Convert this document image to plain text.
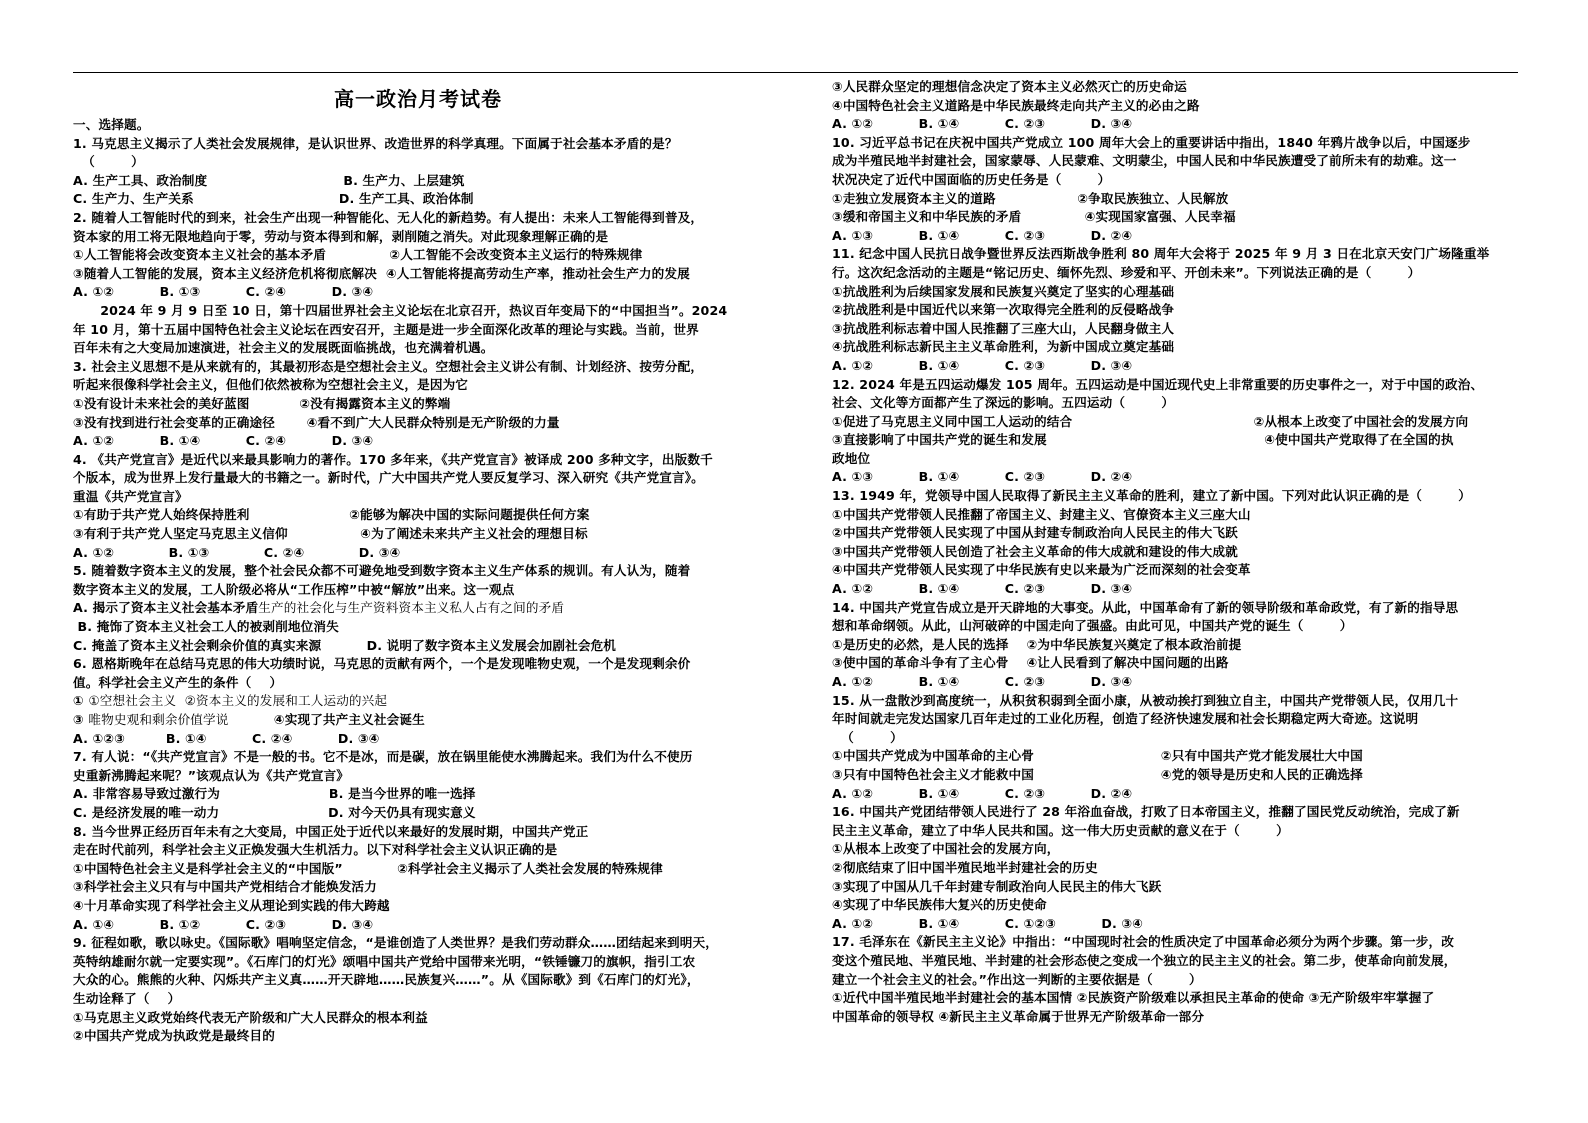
高一政治月考试卷
一、选择题。
1. 马克思主义揭示了人类社会发展规律，是认识世界、改造世界的科学真理。下面属于社会基本矛盾的是？
（        ）
A. 生产工具、政治制度                              B. 生产力、上层建筑
C. 生产力、生产关系                                D. 生产工具、政治体制
2. 随着人工智能时代的到来，社会生产出现一种智能化、无人化的新趋势。有人提出：未来人工智能得到普及，
资本家的用工将无限地趋向于零，劳动与资本得到和解，剥削随之消失。对此现象理解正确的是
①人工智能将会改变资本主义社会的基本矛盾              ②人工智能不会改变资本主义运行的特殊规律
③随着人工智能的发展，资本主义经济危机将彻底解决  ④人工智能将提高劳动生产率，推动社会生产力的发展
A. ①②          B. ①③          C. ②④          D. ③④
2024 年 9 月 9 日至 10 日，第十四届世界社会主义论坛在北京召开，热议百年变局下的“中国担当”。2024
年 10 月，第十五届中国特色社会主义论坛在西安召开，主题是进一步全面深化改革的理论与实践。当前，世界
百年未有之大变局加速演进，社会主义的发展既面临挑战，也充满着机遇。
3. 社会主义思想不是从来就有的，其最初形态是空想社会主义。空想社会主义讲公有制、计划经济、按劳分配，
听起来很像科学社会主义，但他们依然被称为空想社会主义，是因为它
①没有设计未来社会的美好蓝图           ②没有揭露资本主义的弊端
③没有找到进行社会变革的正确途径       ④看不到广大人民群众特别是无产阶级的力量
A. ①②          B. ①④          C. ②④          D. ③④
4. 《共产党宣言》是近代以来最具影响力的著作。170 多年来，《共产党宣言》被译成 200 多种文字，出版数千
个版本，成为世界上发行量最大的书籍之一。新时代，广大中国共产党人要反复学习、深入研究《共产党宣言》。
重温《共产党宣言》
①有助于共产党人始终保持胜利                      ②能够为解决中国的实际问题提供任何方案
③有利于共产党人坚定马克思主义信仰                ④为了阐述未来共产主义社会的理想目标
A. ①②            B. ①③            C. ②④            D. ③④
5. 随着数字资本主义的发展，整个社会民众都不可避免地受到数字资本主义生产体系的规训。有人认为，随着
数字资本主义的发展，工人阶级必将从“工作压榨”中被“解放”出来。这一观点
A. 揭示了资本主义社会基本矛盾生产的社会化与生产资料资本主义私人占有之间的矛盾
B. 掩饰了资本主义社会工人的被剥削地位消失
C. 掩盖了资本主义社会剩余价值的真实来源          D. 说明了数字资本主义发展会加剧社会危机
6. 恩格斯晚年在总结马克思的伟大功绩时说，马克思的贡献有两个，一个是发现唯物史观，一个是发现剩余价
值。科学社会主义产生的条件（    ）
① ①空想社会主义  ②资本主义的发展和工人运动的兴起
③ 唯物史观和剩余价值学说          ④实现了共产主义社会诞生
A. ①②③         B. ①④          C. ②④          D. ③④
7. 有人说：“《共产党宣言》不是一般的书。它不是冰，而是碳，放在锅里能使水沸腾起来。我们为什么不使历
史重新沸腾起来呢？”该观点认为《共产党宣言》
A. 非常容易导致过激行为                        B. 是当今世界的唯一选择
C. 是经济发展的唯一动力                        D. 对今天仍具有现实意义
8. 当今世界正经历百年未有之大变局，中国正处于近代以来最好的发展时期，中国共产党正
走在时代前列，科学社会主义正焕发强大生机活力。以下对科学社会主义认识正确的是
①中国特色社会主义是科学社会主义的“中国版”            ②科学社会主义揭示了人类社会发展的特殊规律
③科学社会主义只有与中国共产党相结合才能焕发活力
④十月革命实现了科学社会主义从理论到实践的伟大跨越
A. ①④          B. ①②          C. ②③          D. ③④
9. 征程如歌，歌以咏史。《国际歌》唱响坚定信念，“是谁创造了人类世界？是我们劳动群众……团结起来到明天，
英特纳雄耐尔就一定要实现”。《石库门的灯光》颂唱中国共产党给中国带来光明，“铁锤镰刀的旗帜，指引工农
大众的心。熊熊的火种、闪烁共产主义真……开天辟地……民族复兴……”。从《国际歌》到《石库门的灯光》，
生动诠释了（    ）
①马克思主义政党始终代表无产阶级和广大人民群众的根本利益
②中国共产党成为执政党是最终目的
③人民群众坚定的理想信念决定了资本主义必然灭亡的历史命运
④中国特色社会主义道路是中华民族最终走向共产主义的必由之路
A. ①②          B. ①④          C. ②③          D. ③④
10. 习近平总书记在庆祝中国共产党成立 100 周年大会上的重要讲话中指出，1840 年鸦片战争以后，中国逐步
成为半殖民地半封建社会，国家蒙辱、人民蒙难、文明蒙尘，中国人民和中华民族遭受了前所未有的劫难。这一
状况决定了近代中国面临的历史任务是（        ）
①走独立发展资本主义的道路                  ②争取民族独立、人民解放
③缓和帝国主义和中华民族的矛盾              ④实现国家富强、人民幸福
A. ①③          B. ①④          C. ②③          D. ②④
11. 纪念中国人民抗日战争暨世界反法西斯战争胜利 80 周年大会将于 2025 年 9 月 3 日在北京天安门广场隆重举
行。这次纪念活动的主题是“铭记历史、缅怀先烈、珍爱和平、开创未来”。下列说法正确的是（        ）
①抗战胜利为后续国家发展和民族复兴奠定了坚实的心理基础
②抗战胜利是中国近代以来第一次取得完全胜利的反侵略战争
③抗战胜利标志着中国人民推翻了三座大山，人民翻身做主人
④抗战胜利标志新民主主义革命胜利，为新中国成立奠定基础
A. ①②          B. ①④          C. ②③          D. ③④
12. 2024 年是五四运动爆发 105 周年。五四运动是中国近现代史上非常重要的历史事件之一，对于中国的政治、
社会、文化等方面都产生了深远的影响。五四运动（        ）
①促进了马克思主义同中国工人运动的结合                                        ②从根本上改变了中国社会的发展方向
③直接影响了中国共产党的诞生和发展                                                ④使中国共产党取得了在全国的执
政地位
A. ①③          B. ①④          C. ②③          D. ②④
13. 1949 年，党领导中国人民取得了新民主主义革命的胜利，建立了新中国。下列对此认识正确的是（        ）
①中国共产党带领人民推翻了帝国主义、封建主义、官僚资本主义三座大山
②中国共产党带领人民实现了中国从封建专制政治向人民民主的伟大飞跃
③中国共产党带领人民创造了社会主义革命的伟大成就和建设的伟大成就
④中国共产党带领人民实现了中华民族有史以来最为广泛而深刻的社会变革
A. ①②          B. ①④          C. ②③          D. ③④
14. 中国共产党宣告成立是开天辟地的大事变。从此，中国革命有了新的领导阶级和革命政党，有了新的指导思
想和革命纲领。从此，山河破碎的中国走向了强盛。由此可见，中国共产党的诞生（        ）
①是历史的必然，是人民的选择    ②为中华民族复兴奠定了根本政治前提
③使中国的革命斗争有了主心骨    ④让人民看到了解决中国问题的出路
A. ①②          B. ①④          C. ②③          D. ③④
15. 从一盘散沙到高度统一，从积贫积弱到全面小康，从被动挨打到独立自主，中国共产党带领人民，仅用几十
年时间就走完发达国家几百年走过的工业化历程，创造了经济快速发展和社会长期稳定两大奇迹。这说明
（        ）
①中国共产党成为中国革命的主心骨                            ②只有中国共产党才能发展壮大中国
③只有中国特色社会主义才能救中国                            ④党的领导是历史和人民的正确选择
A. ①②          B. ①④          C. ②③          D. ②④
16. 中国共产党团结带领人民进行了 28 年浴血奋战，打败了日本帝国主义，推翻了国民党反动统治，完成了新
民主主义革命，建立了中华人民共和国。这一伟大历史贡献的意义在于（        ）
①从根本上改变了中国社会的发展方向，
②彻底结束了旧中国半殖民地半封建社会的历史
③实现了中国从几千年封建专制政治向人民民主的伟大飞跃
④实现了中华民族伟大复兴的历史使命
A. ①②          B. ①④          C. ①②③          D. ③④
17. 毛泽东在《新民主主义论》中指出：“中国现时社会的性质决定了中国革命必须分为两个步骤。第一步，改
变这个殖民地、半殖民地、半封建的社会形态使之变成一个独立的民主主义的社会。第二步，使革命向前发展，
建立一个社会主义的社会。”作出这一判断的主要依据是（        ）
①近代中国半殖民地半封建社会的基本国情 ②民族资产阶级难以承担民主革命的使命 ③无产阶级牢牢掌握了
中国革命的领导权 ④新民主主义革命属于世界无产阶级革命一部分
